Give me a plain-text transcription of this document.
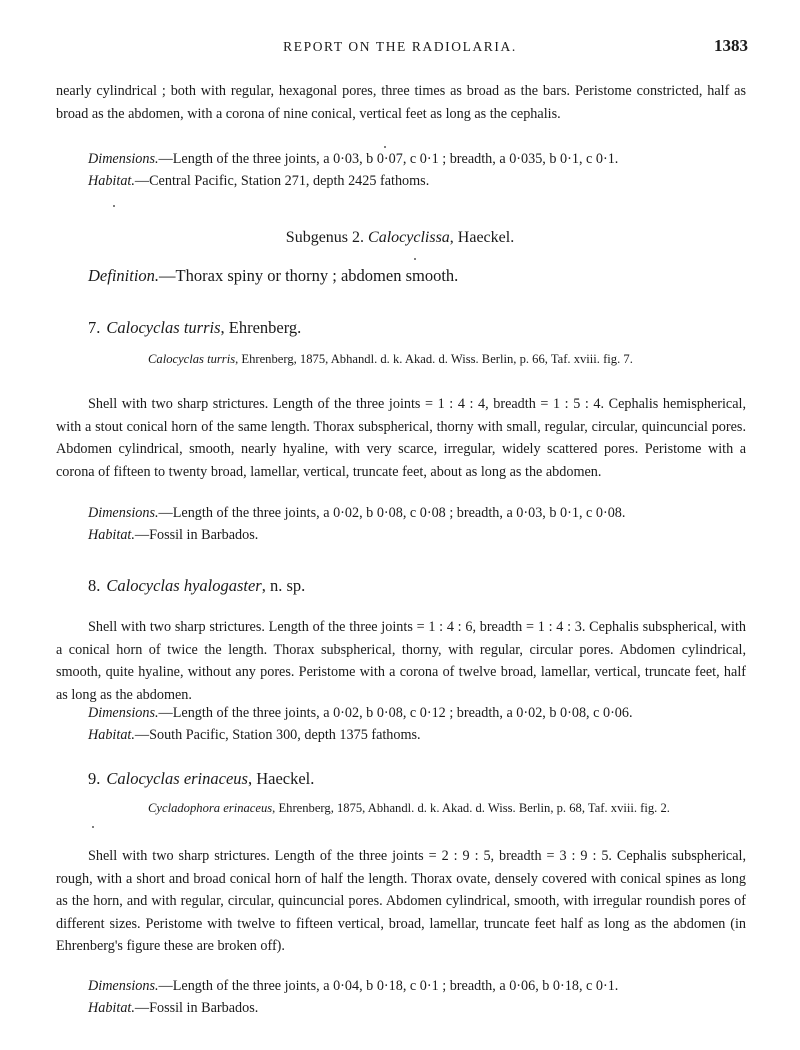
REPORT ON THE RADIOLARIA.	1383

nearly cylindrical ; both with regular, hexagonal pores, three times as broad as the bars. Peristome constricted, half as broad as the abdomen, with a corona of nine conical, vertical feet as long as the cephalis.

Dimensions.—Length of the three joints, a 0·03, b 0·07, c 0·1 ; breadth, a 0·035, b 0·1, c 0·1.
Habitat.—Central Pacific, Station 271, depth 2425 fathoms.
Subgenus 2. Calocyclissa, Haeckel.
Definition.—Thorax spiny or thorny ; abdomen smooth.
7. Calocyclas turris, Ehrenberg.
Calocyclas turris, Ehrenberg, 1875, Abhandl. d. k. Akad. d. Wiss. Berlin, p. 66, Taf. xviii. fig. 7.

Shell with two sharp strictures. Length of the three joints = 1 : 4 : 4, breadth = 1 : 5 : 4. Cephalis hemispherical, with a stout conical horn of the same length. Thorax subspherical, thorny with small, regular, circular, quincuncial pores. Abdomen cylindrical, smooth, nearly hyaline, with very scarce, irregular, widely scattered pores. Peristome with a corona of fifteen to twenty broad, lamellar, vertical, truncate feet, about as long as the abdomen.

Dimensions.—Length of the three joints, a 0·02, b 0·08, c 0·08 ; breadth, a 0·03, b 0·1, c 0·08.
Habitat.—Fossil in Barbados.
8. Calocyclas hyalogaster, n. sp.

Shell with two sharp strictures. Length of the three joints = 1 : 4 : 6, breadth = 1 : 4 : 3. Cephalis subspherical, with a conical horn of twice the length. Thorax subspherical, thorny, with regular, circular pores. Abdomen cylindrical, smooth, quite hyaline, without any pores. Peristome with a corona of twelve broad, lamellar, vertical, truncate feet, half as long as the abdomen.

Dimensions.—Length of the three joints, a 0·02, b 0·08, c 0·12 ; breadth, a 0·02, b 0·08, c 0·06.
Habitat.—South Pacific, Station 300, depth 1375 fathoms.
9. Calocyclas erinaceus, Haeckel.
Cycladophora erinaceus, Ehrenberg, 1875, Abhandl. d. k. Akad. d. Wiss. Berlin, p. 68, Taf. xviii. fig. 2.

Shell with two sharp strictures. Length of the three joints = 2 : 9 : 5, breadth = 3 : 9 : 5. Cephalis subspherical, rough, with a short and broad conical horn of half the length. Thorax ovate, densely covered with conical spines as long as the horn, and with regular, circular, quincuncial pores. Abdomen cylindrical, smooth, with irregular roundish pores of different sizes. Peristome with twelve to fifteen vertical, broad, lamellar, truncate feet half as long as the abdomen (in Ehrenberg's figure these are broken off).

Dimensions.—Length of the three joints, a 0·04, b 0·18, c 0·1 ; breadth, a 0·06, b 0·18, c 0·1.
Habitat.—Fossil in Barbados.
